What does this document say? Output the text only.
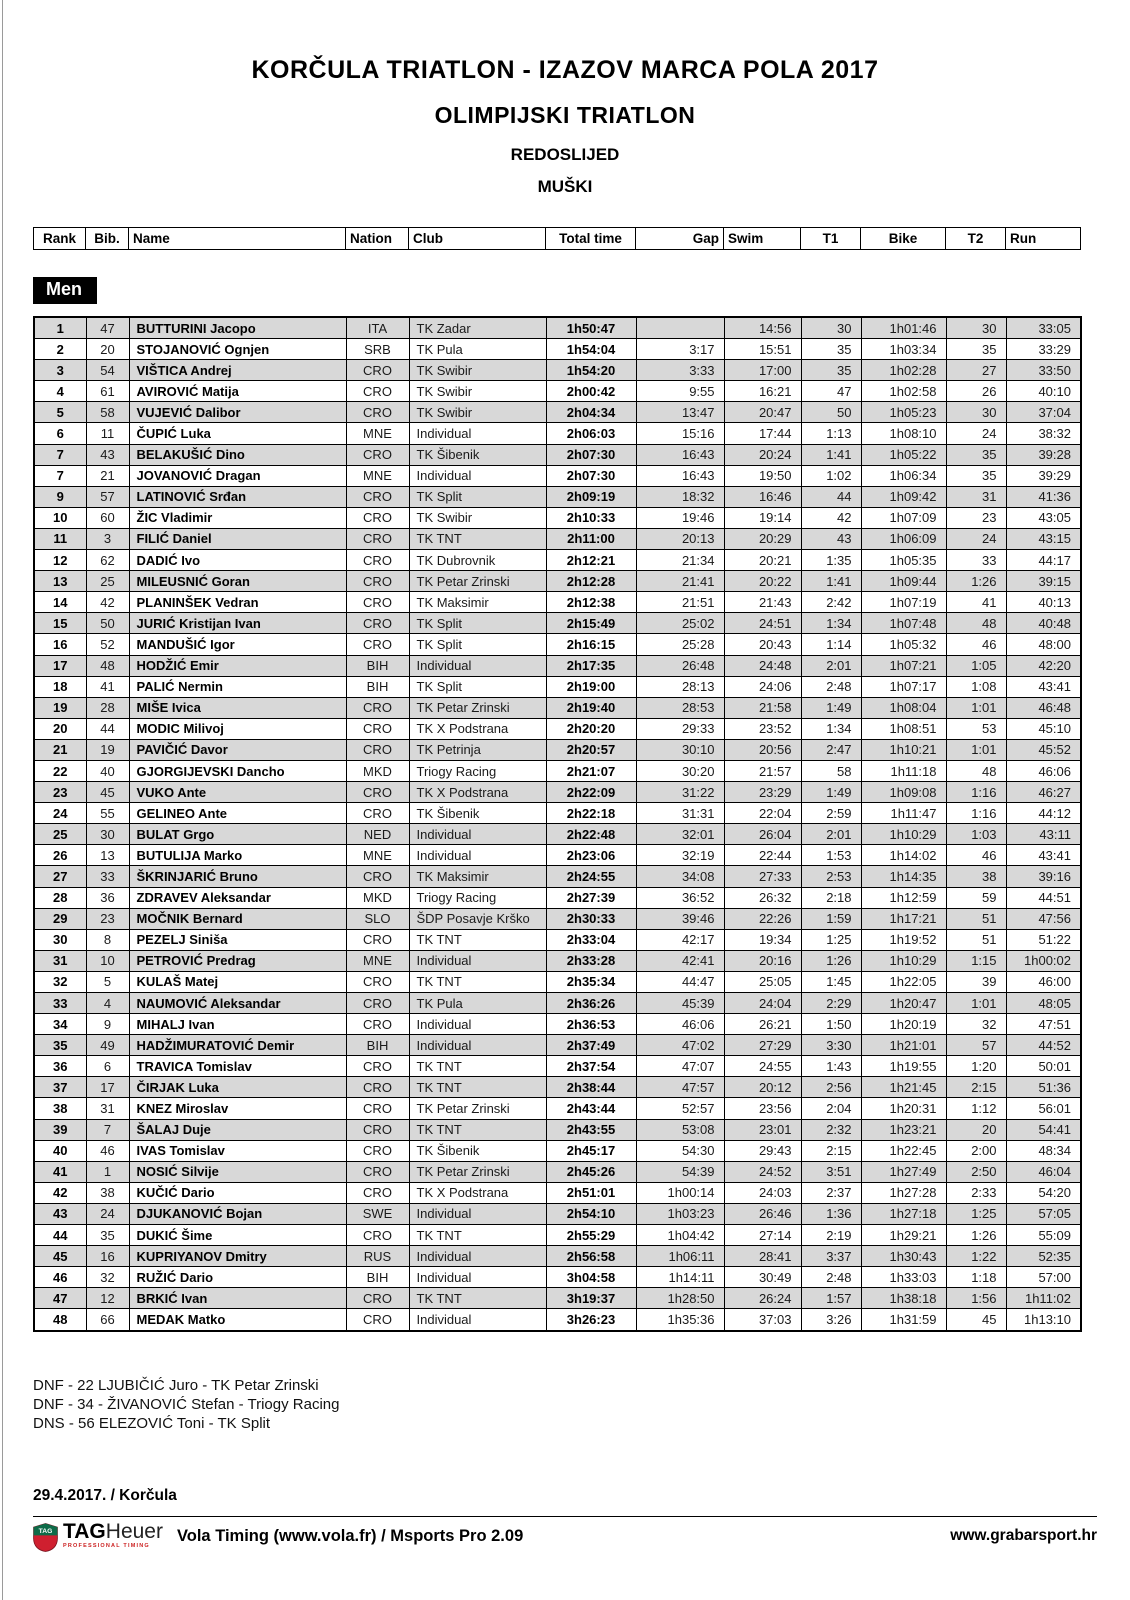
KORČULA TRIATLON - IZAZOV MARCA POLA 2017
OLIMPIJSKI TRIATLON
REDOSLIJED
MUŠKI
Rank	Bib.	Name	Nation	Club	Total time	Gap	Swim	T1	Bike	T2	Run
Men
1	47	BUTTURINI Jacopo	ITA	TK Zadar	1h50:47		14:56	30	1h01:46	30	33:05
2	20	STOJANOVIĆ Ognjen	SRB	TK Pula	1h54:04	3:17	15:51	35	1h03:34	35	33:29
3	54	VIŠTICA Andrej	CRO	TK Swibir	1h54:20	3:33	17:00	35	1h02:28	27	33:50
4	61	AVIROVIĆ Matija	CRO	TK Swibir	2h00:42	9:55	16:21	47	1h02:58	26	40:10
5	58	VUJEVIĆ Dalibor	CRO	TK Swibir	2h04:34	13:47	20:47	50	1h05:23	30	37:04
6	11	ČUPIĆ Luka	MNE	Individual	2h06:03	15:16	17:44	1:13	1h08:10	24	38:32
7	43	BELAKUŠIĆ Dino	CRO	TK Šibenik	2h07:30	16:43	20:24	1:41	1h05:22	35	39:28
7	21	JOVANOVIĆ Dragan	MNE	Individual	2h07:30	16:43	19:50	1:02	1h06:34	35	39:29
9	57	LATINOVIĆ Srđan	CRO	TK Split	2h09:19	18:32	16:46	44	1h09:42	31	41:36
10	60	ŽIC Vladimir	CRO	TK Swibir	2h10:33	19:46	19:14	42	1h07:09	23	43:05
11	3	FILIĆ Daniel	CRO	TK TNT	2h11:00	20:13	20:29	43	1h06:09	24	43:15
12	62	DADIĆ Ivo	CRO	TK Dubrovnik	2h12:21	21:34	20:21	1:35	1h05:35	33	44:17
13	25	MILEUSNIĆ Goran	CRO	TK Petar Zrinski	2h12:28	21:41	20:22	1:41	1h09:44	1:26	39:15
14	42	PLANINŠEK Vedran	CRO	TK Maksimir	2h12:38	21:51	21:43	2:42	1h07:19	41	40:13
15	50	JURIĆ Kristijan Ivan	CRO	TK Split	2h15:49	25:02	24:51	1:34	1h07:48	48	40:48
16	52	MANDUŠIĆ Igor	CRO	TK Split	2h16:15	25:28	20:43	1:14	1h05:32	46	48:00
17	48	HODŽIĆ Emir	BIH	Individual	2h17:35	26:48	24:48	2:01	1h07:21	1:05	42:20
18	41	PALIĆ Nermin	BIH	TK Split	2h19:00	28:13	24:06	2:48	1h07:17	1:08	43:41
19	28	MIŠE Ivica	CRO	TK Petar Zrinski	2h19:40	28:53	21:58	1:49	1h08:04	1:01	46:48
20	44	MODIC Milivoj	CRO	TK X Podstrana	2h20:20	29:33	23:52	1:34	1h08:51	53	45:10
21	19	PAVIČIĆ Davor	CRO	TK Petrinja	2h20:57	30:10	20:56	2:47	1h10:21	1:01	45:52
22	40	GJORGIJEVSKI Dancho	MKD	Triogy Racing	2h21:07	30:20	21:57	58	1h11:18	48	46:06
23	45	VUKO Ante	CRO	TK X Podstrana	2h22:09	31:22	23:29	1:49	1h09:08	1:16	46:27
24	55	GELINEO Ante	CRO	TK Šibenik	2h22:18	31:31	22:04	2:59	1h11:47	1:16	44:12
25	30	BULAT Grgo	NED	Individual	2h22:48	32:01	26:04	2:01	1h10:29	1:03	43:11
26	13	BUTULIJA Marko	MNE	Individual	2h23:06	32:19	22:44	1:53	1h14:02	46	43:41
27	33	ŠKRINJARIĆ Bruno	CRO	TK Maksimir	2h24:55	34:08	27:33	2:53	1h14:35	38	39:16
28	36	ZDRAVEV Aleksandar	MKD	Triogy Racing	2h27:39	36:52	26:32	2:18	1h12:59	59	44:51
29	23	MOČNIK Bernard	SLO	ŠDP Posavje Krško	2h30:33	39:46	22:26	1:59	1h17:21	51	47:56
30	8	PEZELJ Siniša	CRO	TK TNT	2h33:04	42:17	19:34	1:25	1h19:52	51	51:22
31	10	PETROVIĆ Predrag	MNE	Individual	2h33:28	42:41	20:16	1:26	1h10:29	1:15	1h00:02
32	5	KULAŠ Matej	CRO	TK TNT	2h35:34	44:47	25:05	1:45	1h22:05	39	46:00
33	4	NAUMOVIĆ Aleksandar	CRO	TK Pula	2h36:26	45:39	24:04	2:29	1h20:47	1:01	48:05
34	9	MIHALJ Ivan	CRO	Individual	2h36:53	46:06	26:21	1:50	1h20:19	32	47:51
35	49	HADŽIMURATOVIĆ Demir	BIH	Individual	2h37:49	47:02	27:29	3:30	1h21:01	57	44:52
36	6	TRAVICA Tomislav	CRO	TK TNT	2h37:54	47:07	24:55	1:43	1h19:55	1:20	50:01
37	17	ČIRJAK Luka	CRO	TK TNT	2h38:44	47:57	20:12	2:56	1h21:45	2:15	51:36
38	31	KNEZ Miroslav	CRO	TK Petar Zrinski	2h43:44	52:57	23:56	2:04	1h20:31	1:12	56:01
39	7	ŠALAJ Duje	CRO	TK TNT	2h43:55	53:08	23:01	2:32	1h23:21	20	54:41
40	46	IVAS Tomislav	CRO	TK Šibenik	2h45:17	54:30	29:43	2:15	1h22:45	2:00	48:34
41	1	NOSIĆ Silvije	CRO	TK Petar Zrinski	2h45:26	54:39	24:52	3:51	1h27:49	2:50	46:04
42	38	KUČIĆ Dario	CRO	TK X Podstrana	2h51:01	1h00:14	24:03	2:37	1h27:28	2:33	54:20
43	24	DJUKANOVIĆ Bojan	SWE	Individual	2h54:10	1h03:23	26:46	1:36	1h27:18	1:25	57:05
44	35	DUKIĆ Šime	CRO	TK TNT	2h55:29	1h04:42	27:14	2:19	1h29:21	1:26	55:09
45	16	KUPRIYANOV Dmitry	RUS	Individual	2h56:58	1h06:11	28:41	3:37	1h30:43	1:22	52:35
46	32	RUŽIĆ Dario	BIH	Individual	3h04:58	1h14:11	30:49	2:48	1h33:03	1:18	57:00
47	12	BRKIĆ Ivan	CRO	TK TNT	3h19:37	1h28:50	26:24	1:57	1h38:18	1:56	1h11:02
48	66	MEDAK Matko	CRO	Individual	3h26:23	1h35:36	37:03	3:26	1h31:59	45	1h13:10
DNF - 22 LJUBIČIĆ Juro - TK Petar Zrinski
DNF - 34 - ŽIVANOVIĆ Stefan - Triogy Racing
DNS - 56 ELEZOVIĆ Toni - TK Split
29.4.2017. / Korčula
TAG TAGHeuer
PROFESSIONAL TIMING
Vola Timing (www.vola.fr) / Msports Pro 2.09	www.grabarsport.hr
